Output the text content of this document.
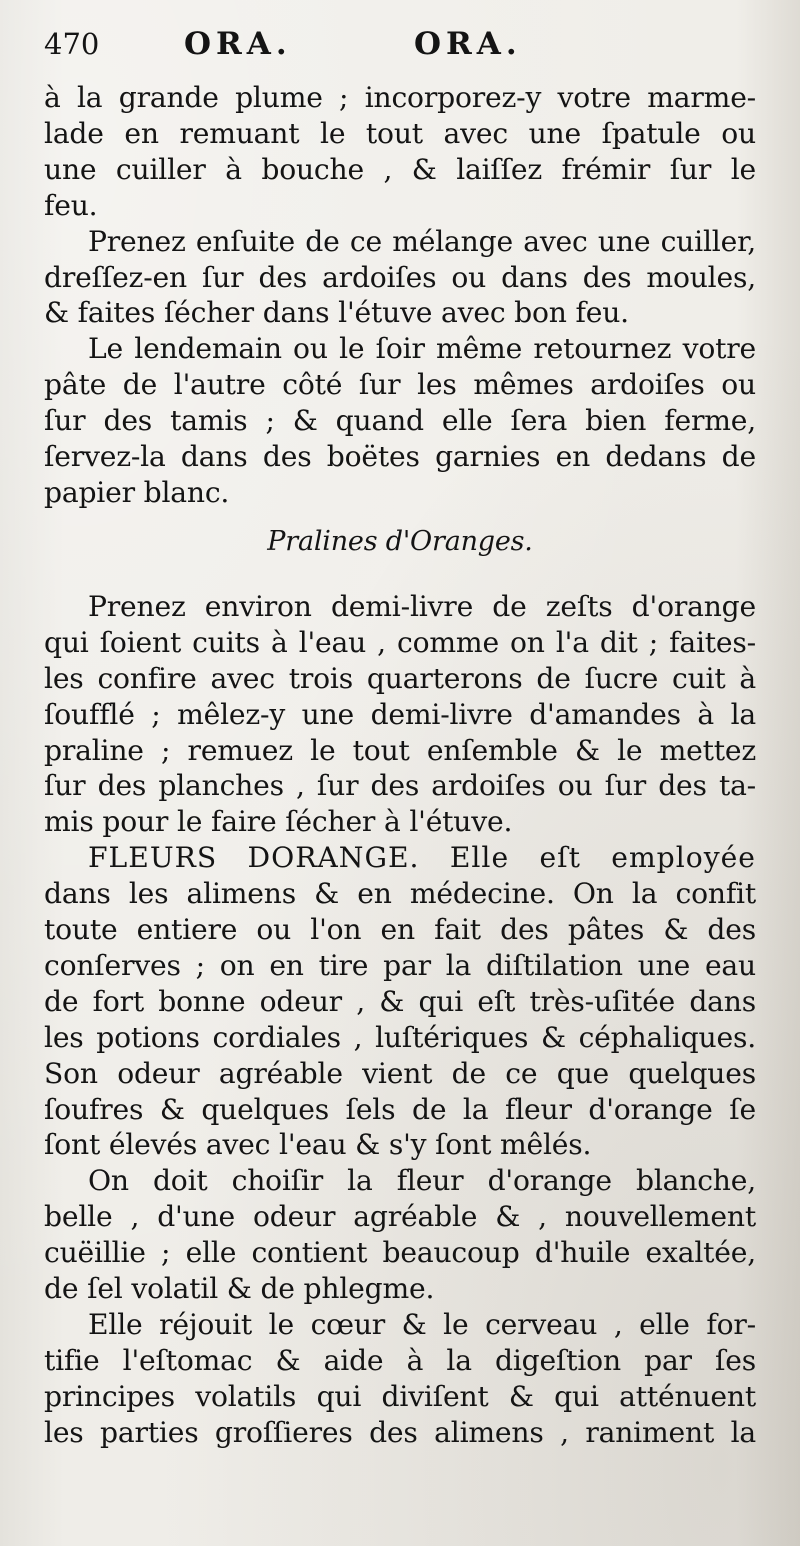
470	ORA.	ORA.

à la grande plume ; incorporez-y votre marme-
lade en remuant le tout avec une ſpatule ou
une cuiller à bouche , & laiſſez frémir ſur le
feu.

Prenez enſuite de ce mélange avec une cuiller,
dreſſez-en ſur des ardoiſes ou dans des moules,
& faites ſécher dans l'étuve avec bon feu.

Le lendemain ou le ſoir même retournez votre
pâte de l'autre côté ſur les mêmes ardoiſes ou
ſur des tamis ; & quand elle ſera bien ferme,
ſervez-la dans des boëtes garnies en dedans de
papier blanc.

Pralines d'Oranges.

Prenez environ demi-livre de zeſts d'orange
qui ſoient cuits à l'eau , comme on l'a dit ; faites-
les confire avec trois quarterons de ſucre cuit à
ſoufflé ; mêlez-y une demi-livre d'amandes à la
praline ; remuez le tout enſemble & le mettez
ſur des planches , ſur des ardoiſes ou ſur des ta-
mis pour le faire ſécher à l'étuve.

FLEURS DORANGE. Elle eſt employée
dans les alimens & en médecine. On la confit
toute entiere ou l'on en fait des pâtes & des
conſerves ; on en tire par la diſtilation une eau
de fort bonne odeur , & qui eſt très-uſitée dans
les potions cordiales , luſtériques & céphaliques.
Son odeur agréable vient de ce que quelques
ſoufres & quelques ſels de la fleur d'orange ſe
ſont élevés avec l'eau & s'y ſont mêlés.

On doit choiſir la fleur d'orange blanche,
belle , d'une odeur agréable & , nouvellement
cuëillie ; elle contient beaucoup d'huile exaltée,
de ſel volatil & de phlegme.

Elle réjouit le cœur & le cerveau , elle for-
tifie l'eſtomac & aide à la digeſtion par ſes
principes volatils qui diviſent & qui atténuent
les parties groſſieres des alimens , raniment la
